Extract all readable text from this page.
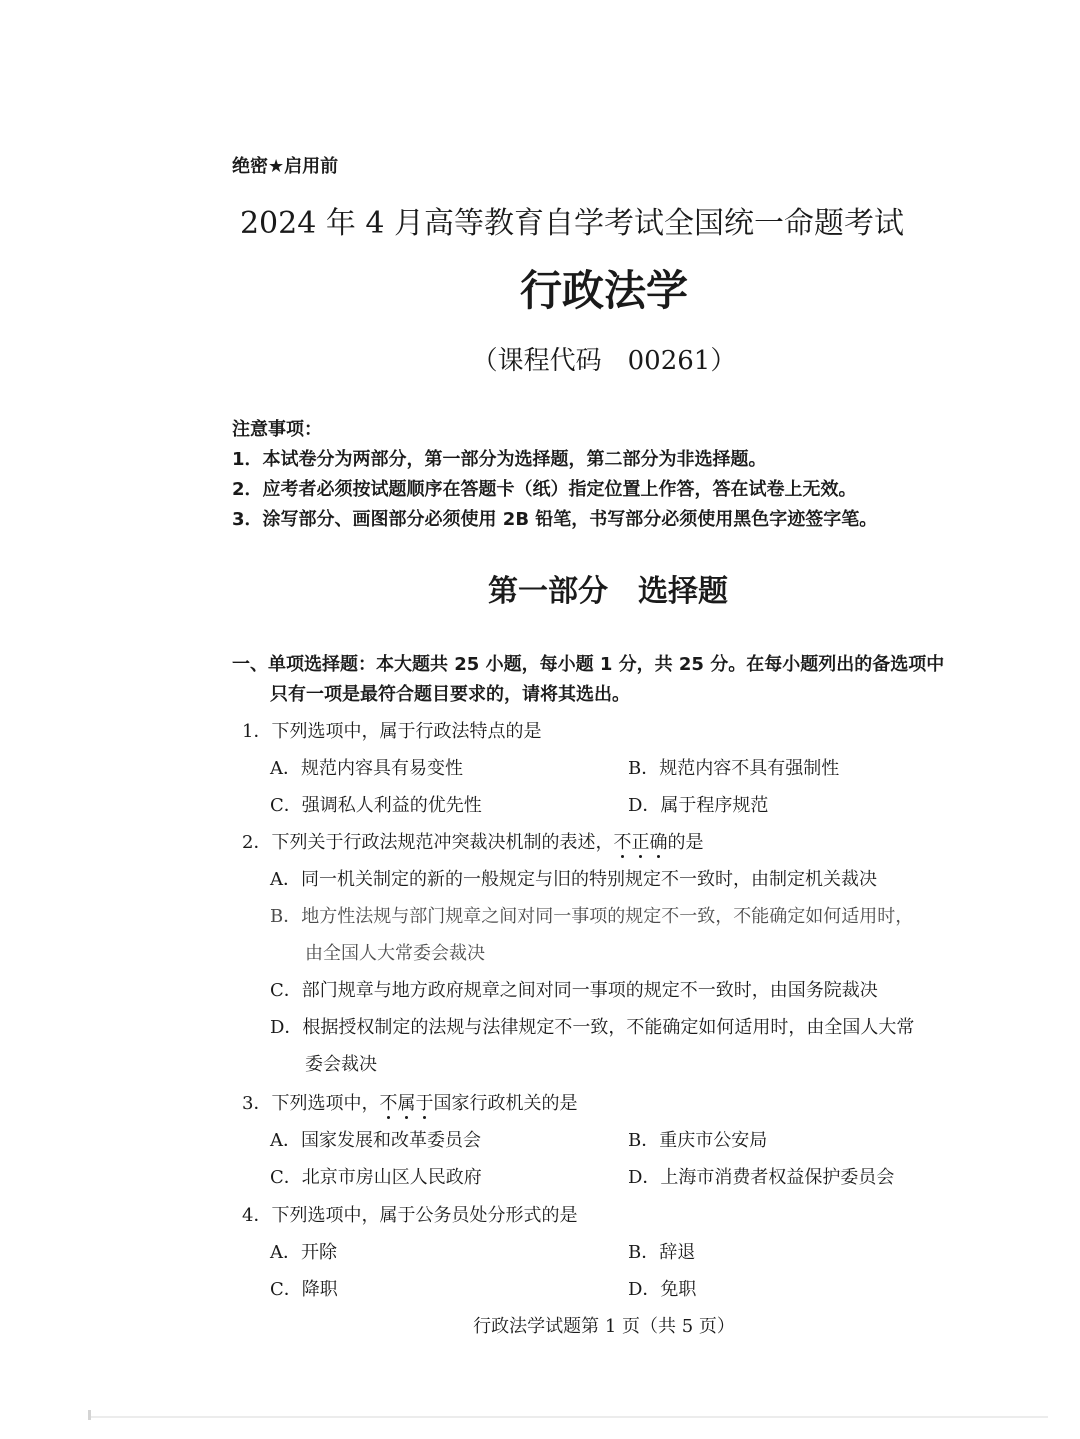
绝密★启用前
2024 年 4 月高等教育自学考试全国统一命题考试
行政法学
（课程代码　00261）
注意事项：
1．本试卷分为两部分，第一部分为选择题，第二部分为非选择题。
2．应考者必须按试题顺序在答题卡（纸）指定位置上作答，答在试卷上无效。
3．涂写部分、画图部分必须使用 2B 铅笔，书写部分必须使用黑色字迹签字笔。
第一部分　选择题
一、单项选择题：本大题共 25 小题，每小题 1 分，共 25 分。在每小题列出的备选项中
只有一项是最符合题目要求的，请将其选出。
1．下列选项中，属于行政法特点的是
A．规范内容具有易变性	B．规范内容不具有强制性
C．强调私人利益的优先性	D．属于程序规范
2．下列关于行政法规范冲突裁决机制的表述，不正确的是
A．同一机关制定的新的一般规定与旧的特别规定不一致时，由制定机关裁决
B．地方性法规与部门规章之间对同一事项的规定不一致，不能确定如何适用时，
由全国人大常委会裁决
C．部门规章与地方政府规章之间对同一事项的规定不一致时，由国务院裁决
D．根据授权制定的法规与法律规定不一致，不能确定如何适用时，由全国人大常
委会裁决
3．下列选项中，不属于国家行政机关的是
A．国家发展和改革委员会	B．重庆市公安局
C．北京市房山区人民政府	D．上海市消费者权益保护委员会
4．下列选项中，属于公务员处分形式的是
A．开除	B．辞退
C．降职	D．免职
行政法学试题第 1 页（共 5 页）
